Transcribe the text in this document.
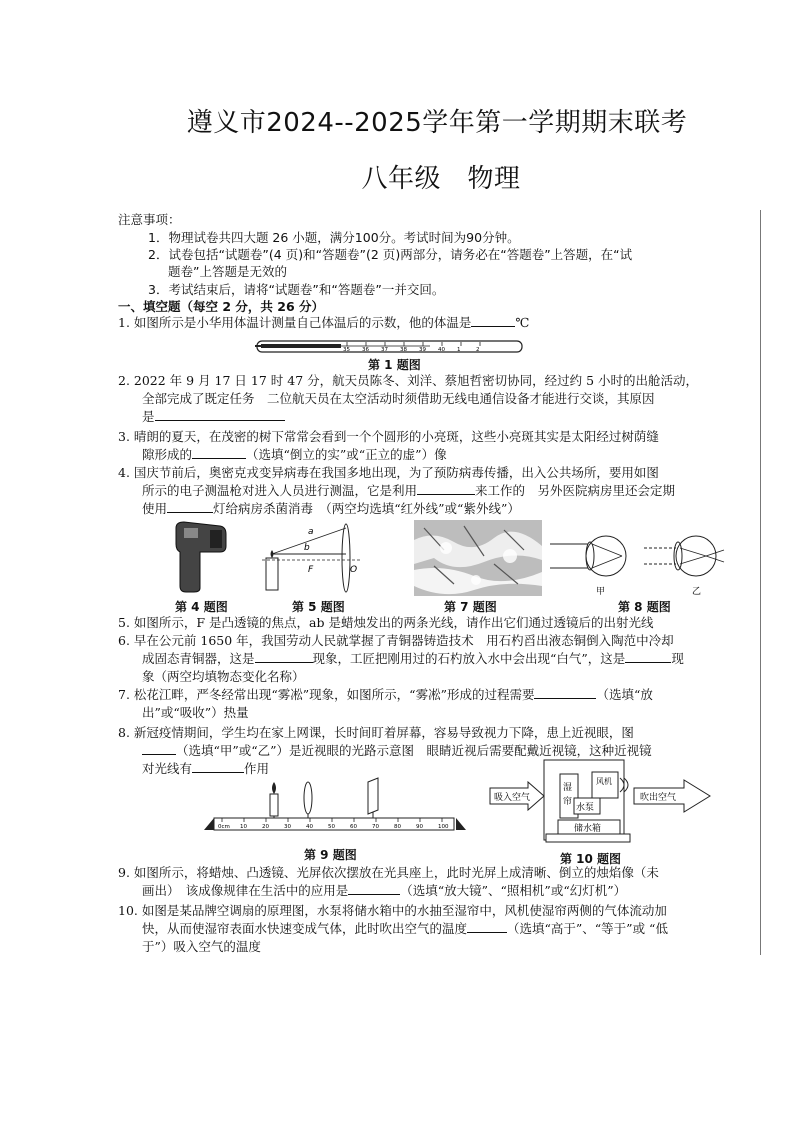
遵义市2024--2025学年第一学期期末联考
八年级　物理
注意事项：
1．物理试卷共四大题 26 小题，满分100分。考试时间为90分钟。
2．试卷包括“试题卷”(4 页)和“答题卷”(2 页)两部分，请务必在“答题卷”上答题，在“试
题卷”上答题是无效的
3．考试结束后，请将“试题卷”和“答题卷”一并交回。
一、填空题（每空 2 分，共 26 分）
1. 如图所示是小华用体温计测量自己体温后的示数，他的体温是	℃
35 36 37 38 39 40 1	2
第 1 题图
2. 2022 年 9 月 17 日 17 时 47 分，航天员陈冬、刘洋、蔡旭哲密切协同，经过约 5 小时的出舱活动，
全部完成了既定任务　二位航天员在太空活动时须借助无线电通信设备才能进行交谈，其原因
是
3. 晴朗的夏天，在茂密的树下常常会看到一个个圆形的小亮斑，这些小亮斑其实是太阳经过树荫缝
隙形成的	（选填“倒立的实”或“正立的虚”）像
4. 国庆节前后，奥密克戎变异病毒在我国多地出现，为了预防病毒传播，出入公共场所，要用如图
所示的电子测温枪对进入人员进行测温，它是利用	来工作的　另外医院病房里还会定期
使用	灯给病房杀菌消毒　（两空均选填“红外线”或“紫外线”）
第 4 题图
a
b
F	O
第 5 题图	第 7 题图
甲	乙
第 8 题图
5. 如图所示，F 是凸透镜的焦点，ab 是蜡烛发出的两条光线，请作出它们通过透镜后的出射光线
6. 早在公元前 1650 年，我国劳动人民就掌握了青铜器铸造技术　用石杓舀出液态铜倒入陶范中冷却
成固态青铜器，这是	现象，工匠把刚用过的石杓放入水中会出现“白气”，这是	现
象（两空均填物态变化名称）
7. 松花江畔，严冬经常出现“雾凇”现象，如图所示，“雾凇”形成的过程需要	（选填“放
出”或“吸收”）热量
8. 新冠疫情期间，学生均在家上网课，长时间盯着屏幕，容易导致视力下降，患上近视眼，图
（选填“甲”或“乙”）是近视眼的光路示意图　眼睛近视后需要配戴近视镜，这种近视镜
对光线有	作用
0cm 10	20	30	40	50	60	70	80	90	100
第 9 题图
吸入空气
湿
帘
水泵
风机
储水箱
吹出空气
第 10 题图
9. 如图所示，将蜡烛、凸透镜、光屏依次摆放在光具座上，此时光屏上成清晰、倒立的烛焰像（未
画出）　该成像规律在生活中的应用是	（选填“放大镜”、“照相机”或“幻灯机”）
10. 如图是某品牌空调扇的原理图，水泵将储水箱中的水抽至湿帘中，风机使湿帘两侧的气体流动加
快，从而使湿帘表面水快速变成气体，此时吹出空气的温度	（选填“高于”、“等于”或 “低
于”）吸入空气的温度
